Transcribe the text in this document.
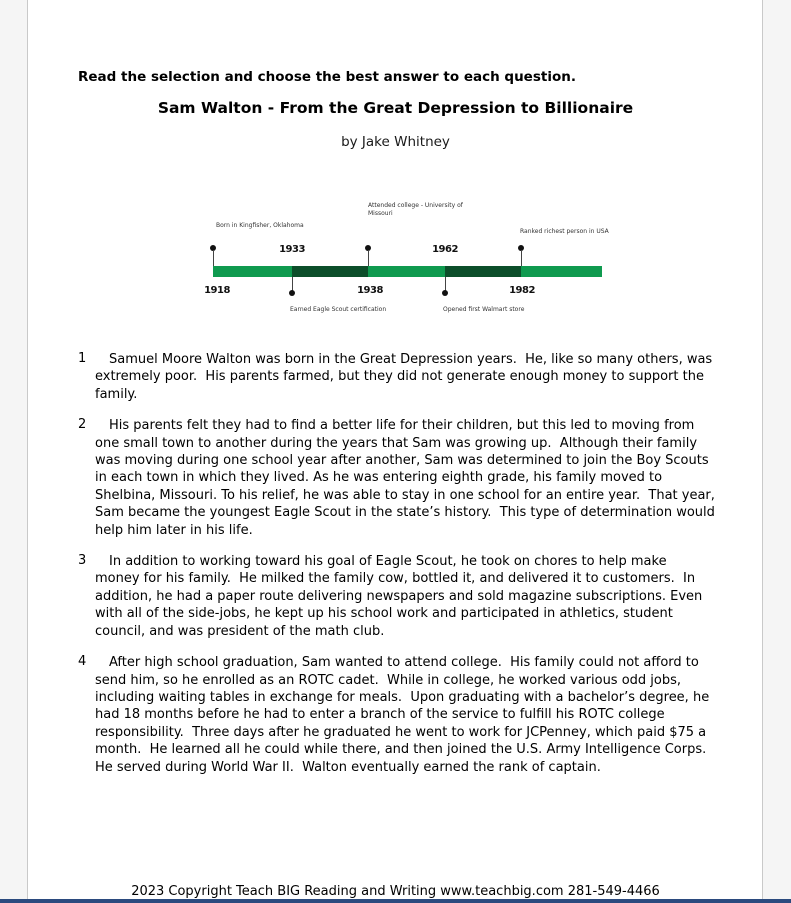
Read the selection and choose the best answer to each question.
Sam Walton - From the Great Depression to Billionaire
by Jake Whitney
Born in Kingfisher, Oklahoma
Attended college - University of Missouri
Ranked richest person in USA
1933	1962
1918	1938	1982
Earned Eagle Scout certification	Opened first Walmart store
1	Samuel Moore Walton was born in the Great Depression years.  He, like so many others, was extremely poor.  His parents farmed, but they did not generate enough money to support the family.
2	His parents felt they had to find a better life for their children, but this led to moving from one small town to another during the years that Sam was growing up.  Although their family was moving during one school year after another, Sam was determined to join the Boy Scouts in each town in which they lived. As he was entering eighth grade, his family moved to Shelbina, Missouri. To his relief, he was able to stay in one school for an entire year.  That year, Sam became the youngest Eagle Scout in the state’s history.  This type of determination would help him later in his life.
3	In addition to working toward his goal of Eagle Scout, he took on chores to help make money for his family.  He milked the family cow, bottled it, and delivered it to customers.  In addition, he had a paper route delivering newspapers and sold magazine subscriptions. Even with all of the side-jobs, he kept up his school work and participated in athletics, student council, and was president of the math club.
4	After high school graduation, Sam wanted to attend college.  His family could not afford to send him, so he enrolled as an ROTC cadet.  While in college, he worked various odd jobs, including waiting tables in exchange for meals.  Upon graduating with a bachelor’s degree, he had 18 months before he had to enter a branch of the service to fulfill his ROTC college responsibility.  Three days after he graduated he went to work for JCPenney, which paid $75 a month.  He learned all he could while there, and then joined the U.S. Army Intelligence Corps.  He served during World War II.  Walton eventually earned the rank of captain.
2023 Copyright Teach BIG Reading and Writing www.teachbig.com 281-549-4466
